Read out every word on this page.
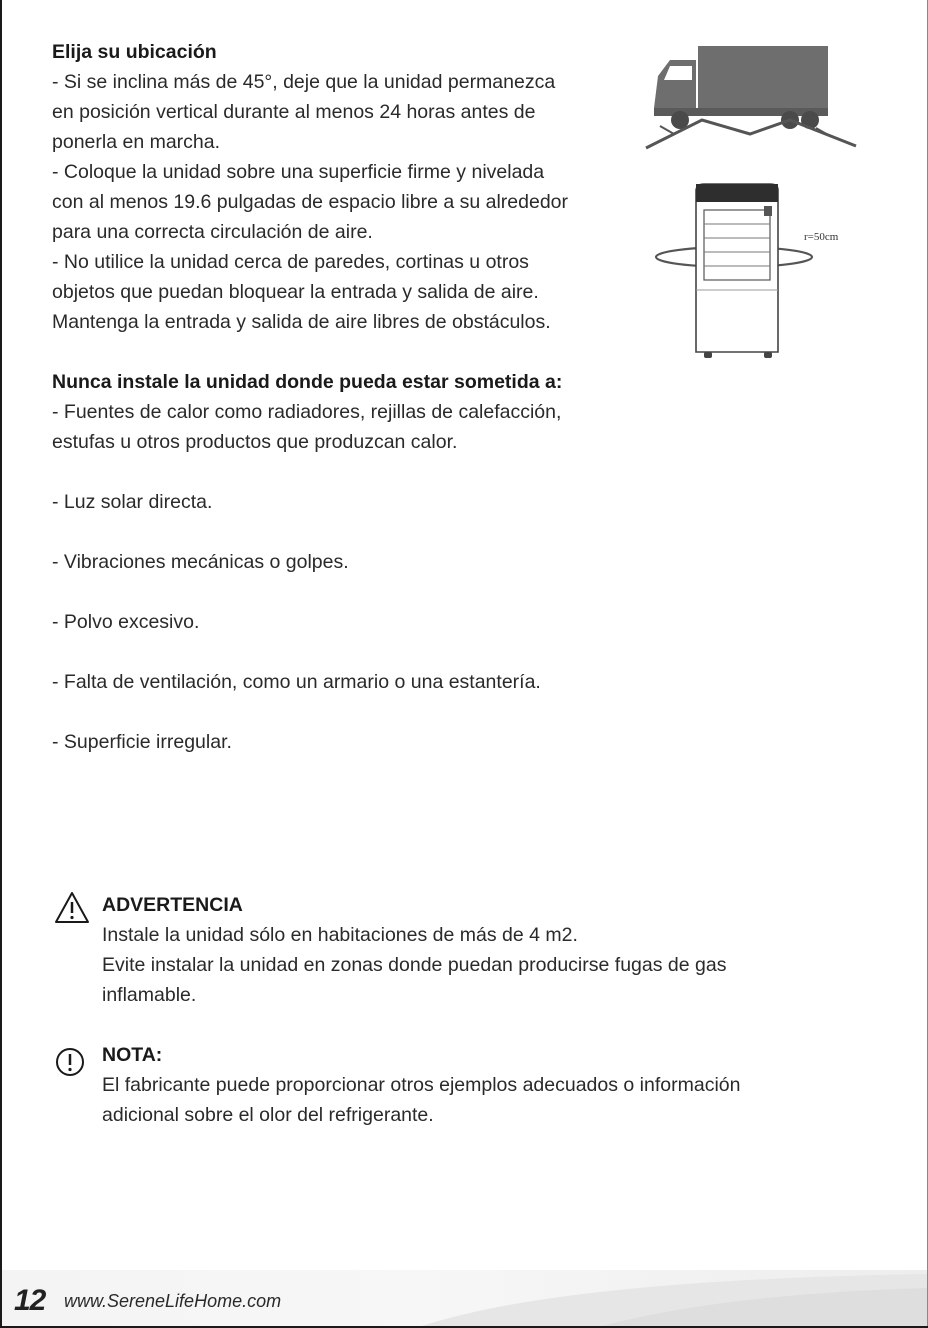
Elija su ubicación

- Si se inclina más de 45°, deje que la unidad permanezca

en posición vertical durante al menos 24 horas antes de

ponerla en marcha.

- Coloque la unidad sobre una superficie firme y nivelada

con al menos 19.6 pulgadas de espacio libre a su alrededor

para una correcta circulación de aire.

- No utilice la unidad cerca de paredes, cortinas u otros

objetos que puedan bloquear la entrada y salida de aire.

Mantenga la entrada y salida de aire libres de obstáculos.

Nunca instale la unidad donde pueda estar sometida a:

- Fuentes de calor como radiadores, rejillas de calefacción,

estufas u otros productos que produzcan calor.

- Luz solar directa.

- Vibraciones mecánicas o golpes.

- Polvo excesivo.

- Falta de ventilación, como un armario o una estantería.

- Superficie irregular.

r=50cm

ADVERTENCIA

Instale la unidad sólo en habitaciones de más de 4 m2.

Evite instalar la unidad en zonas donde puedan producirse fugas de gas

inflamable.

NOTA:

El fabricante puede proporcionar otros ejemplos adecuados o información

adicional sobre el olor del refrigerante.

12 www.SereneLifeHome.com
